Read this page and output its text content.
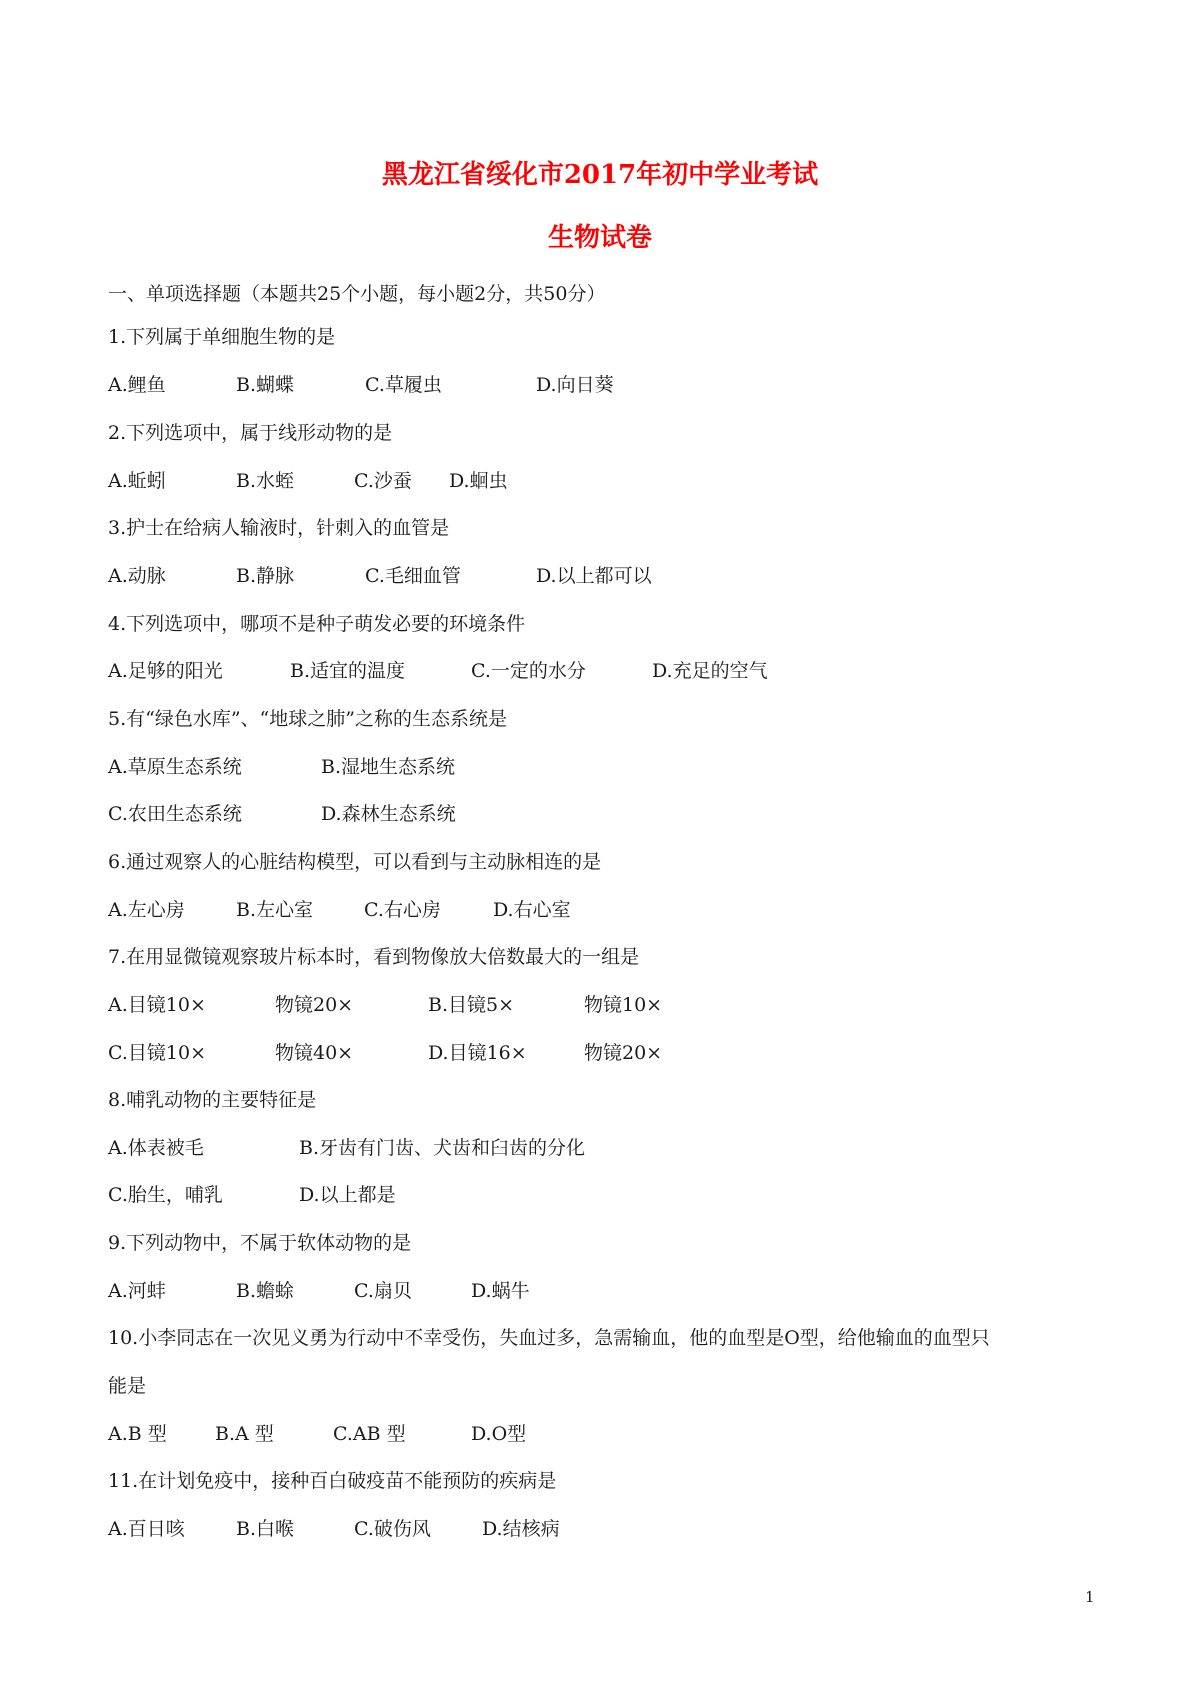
黑龙江省绥化市2017年初中学业考试
生物试卷
一、单项选择题（本题共25个小题，每小题2分，共50分）
1.下列属于单细胞生物的是
A.鲤鱼	B.蝴蝶	C.草履虫	D.向日葵
2.下列选项中，属于线形动物的是
A.蚯蚓	B.水蛭	C.沙蚕 D.蛔虫
3.护士在给病人输液时，针刺入的血管是
A.动脉	B.静脉	C.毛细血管	D.以上都可以
4.下列选项中，哪项不是种子萌发必要的环境条件
A.足够的阳光	B.适宜的温度	C.一定的水分	D.充足的空气
5.有“绿色水库”、“地球之肺”之称的生态系统是
A.草原生态系统	B.湿地生态系统
C.农田生态系统	D.森林生态系统
6.通过观察人的心脏结构模型，可以看到与主动脉相连的是
A.左心房	B.左心室	C.右心房	D.右心室
7.在用显微镜观察玻片标本时，看到物像放大倍数最大的一组是
A.目镜10×	物镜20×	B.目镜5×	物镜10×
C.目镜10×	物镜40×	D.目镜16×	物镜20×
8.哺乳动物的主要特征是
A.体表被毛	B.牙齿有门齿、犬齿和臼齿的分化
C.胎生，哺乳	D.以上都是
9.下列动物中，不属于软体动物的是
A.河蚌	B.蟾蜍	C.扇贝	D.蜗牛
10.小李同志在一次见义勇为行动中不幸受伤，失血过多，急需输血，他的血型是O型，给他输血的血型只
能是
A.B 型	B.A 型	C.AB 型	D.O型
11.在计划免疫中，接种百白破疫苗不能预防的疾病是
A.百日咳	B.白喉	C.破伤风	D.结核病
1
